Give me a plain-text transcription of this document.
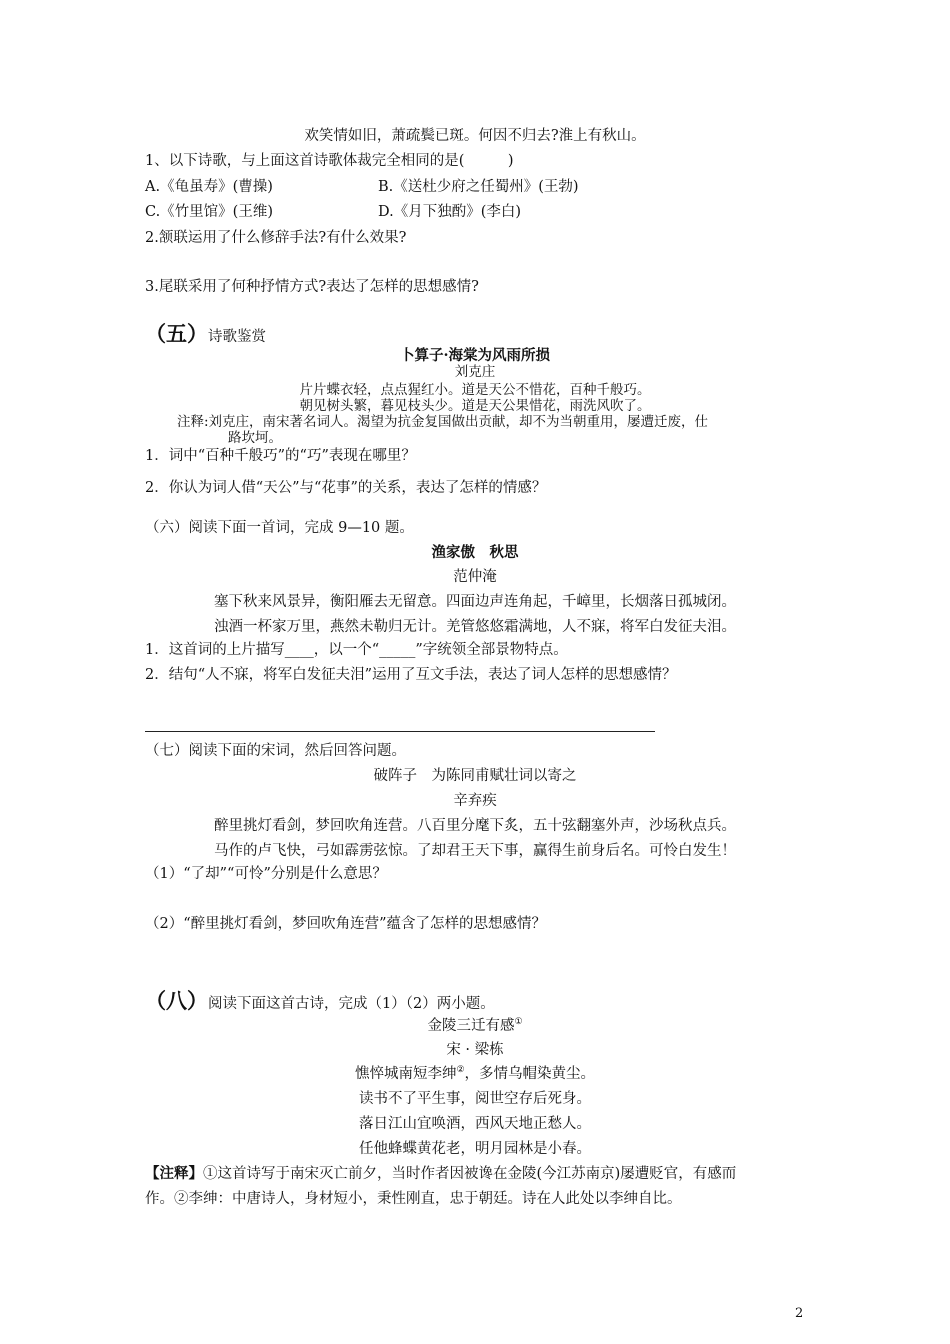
欢笑情如旧，萧疏鬓已斑。何因不归去?淮上有秋山。
1、以下诗歌，与上面这首诗歌体裁完全相同的是(　　　)
A.《龟虽寿》(曹操)	B.《送杜少府之任蜀州》(王勃)
C.《竹里馆》(王维)	D.《月下独酌》(李白)
2.颔联运用了什么修辞手法?有什么效果?
3.尾联采用了何种抒情方式?表达了怎样的思想感情?
（五）诗歌鉴赏
卜算子·海棠为风雨所损
刘克庄
片片蝶衣轻，点点猩红小。道是天公不惜花，百种千般巧。
朝见树头繁，暮见枝头少。道是天公果惜花，雨洗风吹了。
注释:刘克庄，南宋著名词人。渴望为抗金复国做出贡献，却不为当朝重用，屡遭迁废，仕
路坎坷。
1．词中“百种千般巧”的“巧”表现在哪里？
2．你认为词人借“天公”与“花事”的关系，表达了怎样的情感？
（六）阅读下面一首词，完成 9—10 题。
渔家傲　秋思
范仲淹
塞下秋来风景异，衡阳雁去无留意。四面边声连角起，千嶂里，长烟落日孤城闭。
浊酒一杯家万里，燕然未勒归无计。羌管悠悠霜满地，人不寐，将军白发征夫泪。
1．这首词的上片描写____，以一个“_____”字统领全部景物特点。
2．结句“人不寐，将军白发征夫泪”运用了互文手法，表达了词人怎样的思想感情？
（七）阅读下面的宋词，然后回答问题。
破阵子　为陈同甫赋壮词以寄之
辛弃疾
醉里挑灯看剑，梦回吹角连营。八百里分麾下炙，五十弦翻塞外声，沙场秋点兵。
马作的卢飞快，弓如霹雳弦惊。了却君王天下事，赢得生前身后名。可怜白发生！
（1）“了却”“可怜”分别是什么意思？
（2）“醉里挑灯看剑，梦回吹角连营”蕴含了怎样的思想感情？
（八）阅读下面这首古诗，完成（1）（2）两小题。
金陵三迁有感①
宋 · 梁栋
憔悴城南短李绅②，多情乌帽染黄尘。
读书不了平生事，阅世空存后死身。
落日江山宜唤酒，西风天地正愁人。
任他蜂蝶黄花老，明月园林是小春。
【注释】①这首诗写于南宋灭亡前夕，当时作者因被谗在金陵(今江苏南京)屡遭贬官，有感而
作。②李绅：中唐诗人，身材短小，秉性刚直，忠于朝廷。诗在人此处以李绅自比。
2
